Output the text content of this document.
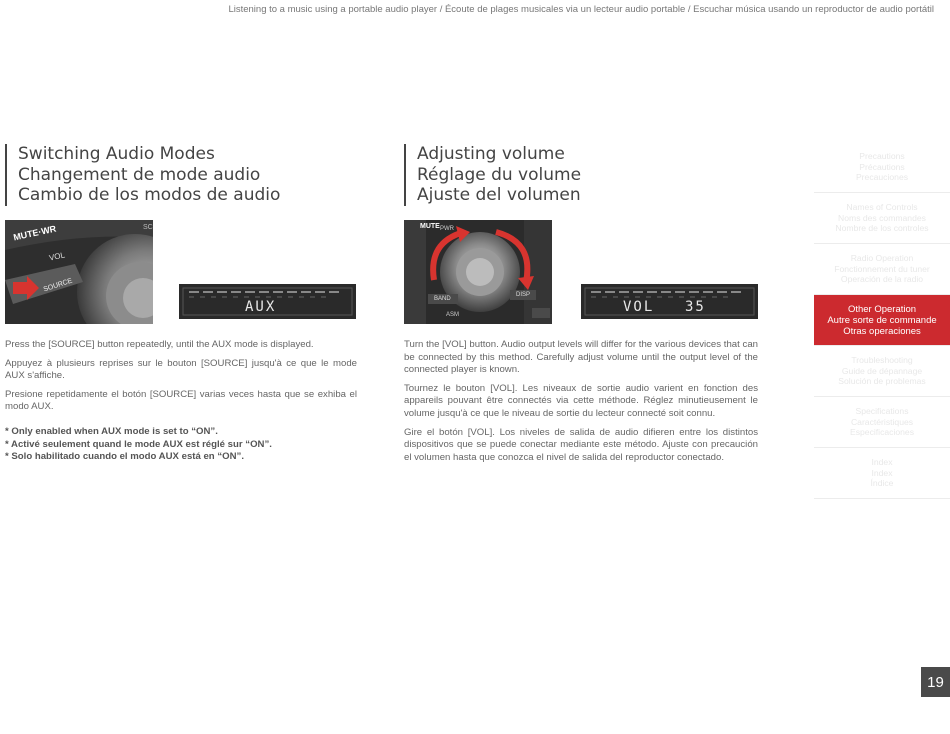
Listening to a music using a portable audio player / Écoute de plages musicales via un lecteur audio portable / Escuchar música usando un reproductor de audio portátil
Switching Audio Modes
Changement de mode audio
Cambio de los modos de audio
MUTE·WR
VOL
SOURCE
SC
AUX

Press the [SOURCE] button repeatedly, until the AUX mode is displayed.

Appuyez à plusieurs reprises sur le bouton [SOURCE] jusqu'à ce que le mode AUX s'affiche.

Presione repetidamente el botón [SOURCE] varias veces hasta que se exhiba el modo AUX.

* Only enabled when AUX mode is set to “ON”.

* Activé seulement quand le mode AUX est réglé sur “ON”.

* Solo habilitado cuando el modo AUX está en “ON”.

Adjusting volume
Réglage du volume
Ajuste del volumen
MUTE PWR
BAND
ASM
DISP
VOL 35

Turn the [VOL] button. Audio output levels will differ for the various devices that can be connected by this method. Carefully adjust volume until the output level of the connected player is known.

Tournez le bouton [VOL]. Les niveaux de sortie audio varient en fonction des appareils pouvant être connectés via cette méthode. Réglez minutieusement le volume jusqu'à ce que le niveau de sortie du lecteur connecté soit connu.

Gire el botón [VOL]. Los niveles de salida de audio difieren entre los distintos dispositivos que se puede conectar mediante este método. Ajuste con precaución el volumen hasta que conozca el nivel de salida del reproductor conectado.

Precautions
Précautions
Precauciones
Names of Controls
Noms des commandes
Nombre de los controles
Radio Operation
Fonctionnement du tuner
Operación de la radio
Other Operation
Autre sorte de commande
Otras operaciones
Troubleshooting
Guide de dépannage
Solución de problemas
Specifications
Caractéristiques
Especificaciones
Index
Index
Índice
19
